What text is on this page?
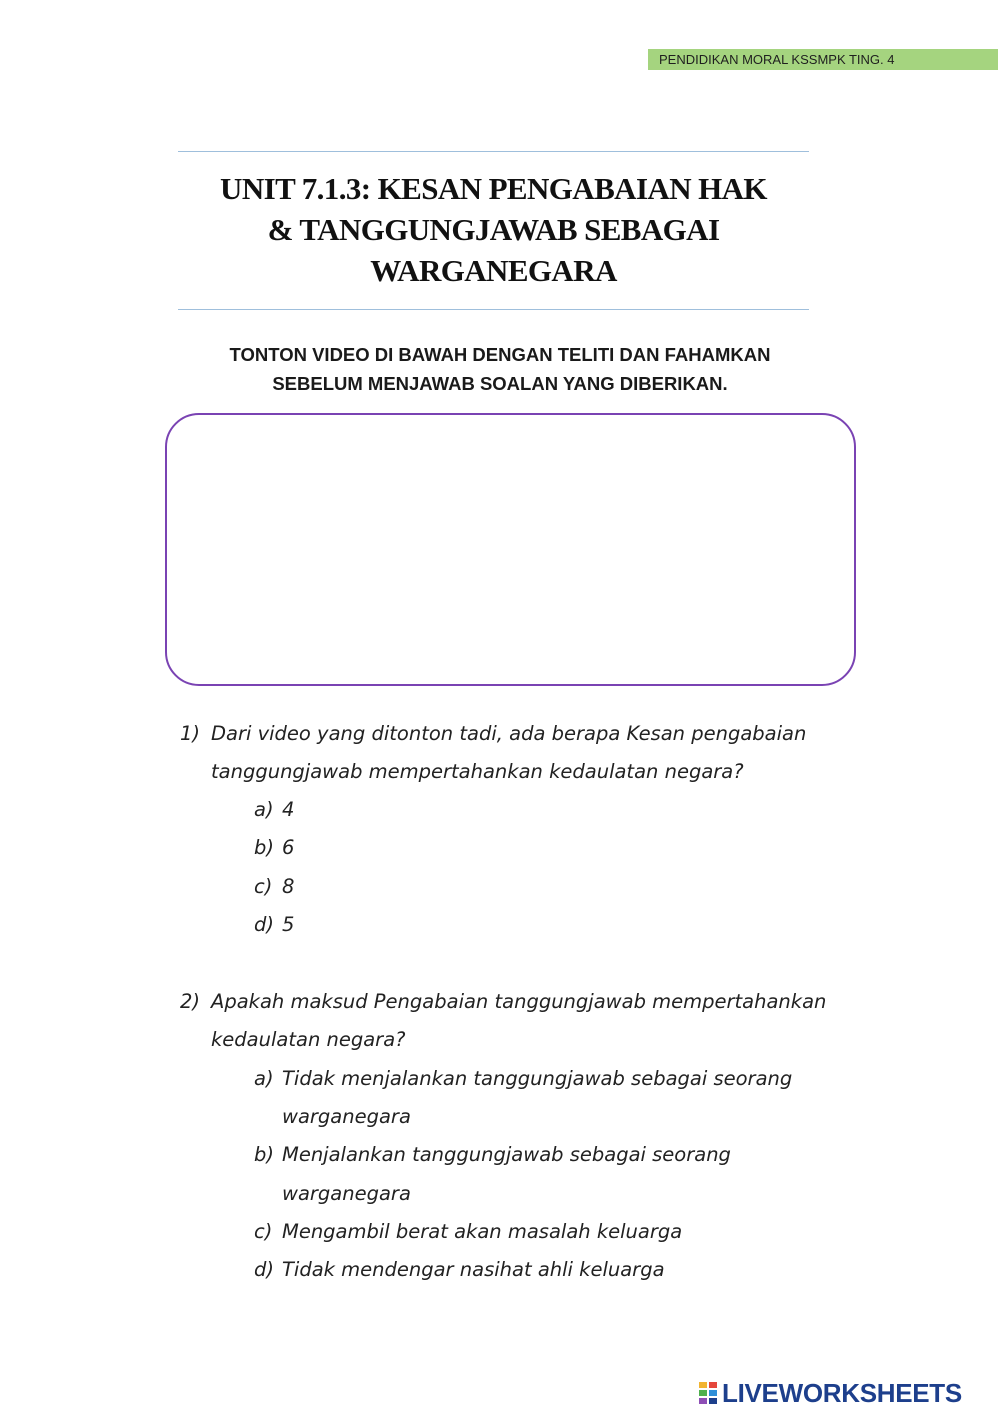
PENDIDIKAN MORAL KSSMPK TING. 4
UNIT 7.1.3: KESAN PENGABAIAN HAK
& TANGGUNGJAWAB SEBAGAI
WARGANEGARA
TONTON VIDEO DI BAWAH DENGAN TELITI DAN FAHAMKAN
SEBELUM MENJAWAB SOALAN YANG DIBERIKAN.
1) Dari video yang ditonton tadi, ada berapa Kesan pengabaian
tanggungjawab mempertahankan kedaulatan negara?
a) 4
b) 6
c) 8
d) 5
2) Apakah maksud Pengabaian tanggungjawab mempertahankan
kedaulatan negara?
a) Tidak menjalankan tanggungjawab sebagai seorang
warganegara
b) Menjalankan tanggungjawab sebagai seorang
warganegara
c) Mengambil berat akan masalah keluarga
d) Tidak mendengar nasihat ahli keluarga
LIVEWORKSHEETS
